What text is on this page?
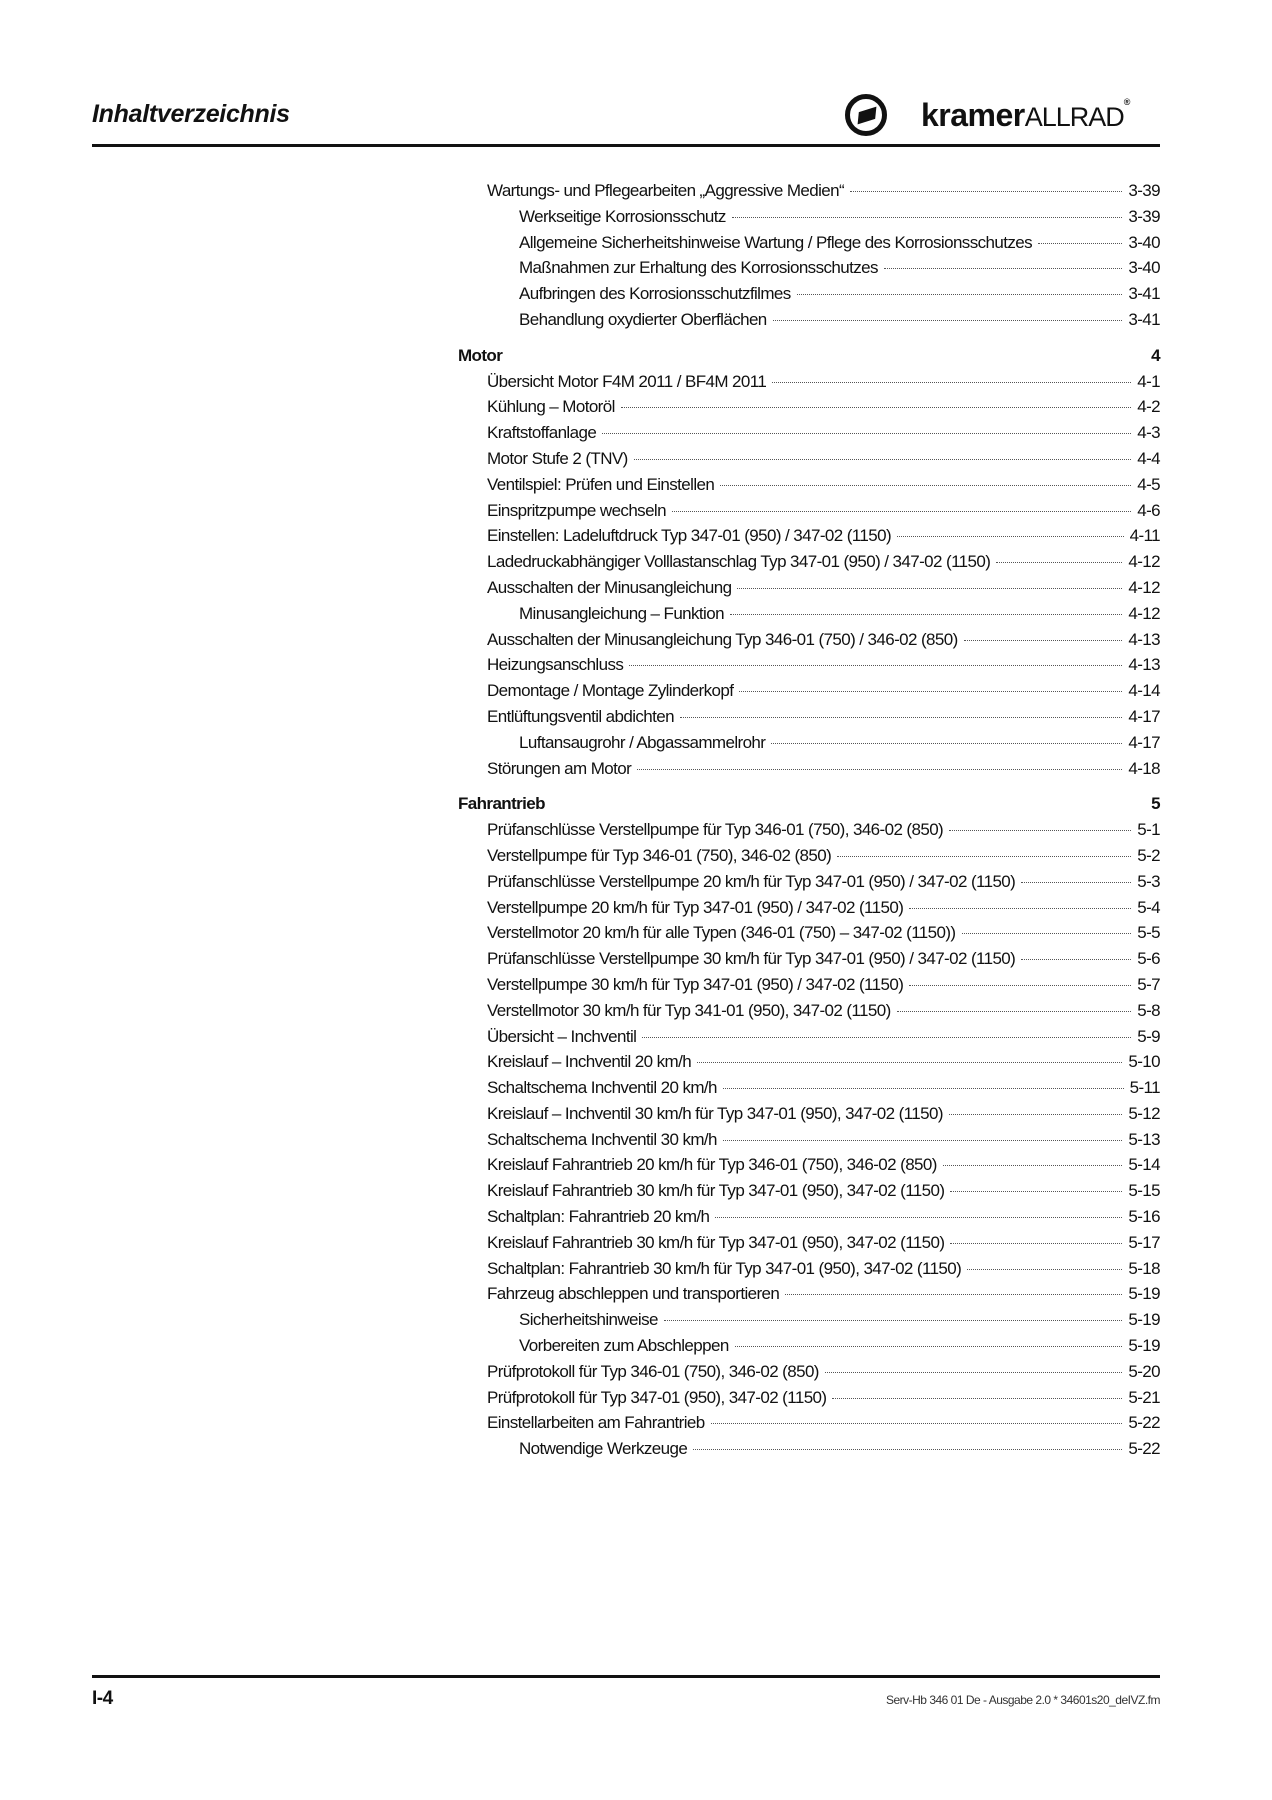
Inhaltverzeichnis	kramerALLRAD®
Wartungs- und Pflegearbeiten „Aggressive Medien“	3-39
Werkseitige Korrosionsschutz	3-39
Allgemeine Sicherheitshinweise Wartung / Pflege des Korrosionsschutzes	3-40
Maßnahmen zur Erhaltung des Korrosionsschutzes	3-40
Aufbringen des Korrosionsschutzfilmes	3-41
Behandlung oxydierter Oberflächen	3-41
Motor	4
Übersicht Motor F4M 2011 / BF4M 2011	4-1
Kühlung – Motoröl	4-2
Kraftstoffanlage	4-3
Motor Stufe 2 (TNV)	4-4
Ventilspiel: Prüfen und Einstellen	4-5
Einspritzpumpe wechseln	4-6
Einstellen: Ladeluftdruck Typ 347-01 (950) / 347-02 (1150)	4-11
Ladedruckabhängiger Volllastanschlag Typ 347-01 (950) / 347-02 (1150)	4-12
Ausschalten der Minusangleichung	4-12
Minusangleichung – Funktion	4-12
Ausschalten der Minusangleichung Typ 346-01 (750) / 346-02 (850)	4-13
Heizungsanschluss	4-13
Demontage / Montage Zylinderkopf	4-14
Entlüftungsventil abdichten	4-17
Luftansaugrohr / Abgassammelrohr	4-17
Störungen am Motor	4-18
Fahrantrieb	5
Prüfanschlüsse Verstellpumpe für Typ 346-01 (750), 346-02 (850)	5-1
Verstellpumpe für Typ 346-01 (750), 346-02 (850)	5-2
Prüfanschlüsse Verstellpumpe 20 km/h für Typ 347-01 (950) / 347-02 (1150)	5-3
Verstellpumpe 20 km/h für Typ 347-01 (950) / 347-02 (1150)	5-4
Verstellmotor 20 km/h für alle Typen (346-01 (750) – 347-02 (1150))	5-5
Prüfanschlüsse Verstellpumpe 30 km/h für Typ 347-01 (950) / 347-02 (1150)	5-6
Verstellpumpe 30 km/h für Typ 347-01 (950) / 347-02 (1150)	5-7
Verstellmotor 30 km/h für Typ 341-01 (950), 347-02 (1150)	5-8
Übersicht – Inchventil	5-9
Kreislauf – Inchventil 20 km/h	5-10
Schaltschema Inchventil 20 km/h	5-11
Kreislauf – Inchventil 30 km/h für Typ 347-01 (950), 347-02 (1150)	5-12
Schaltschema Inchventil 30 km/h	5-13
Kreislauf Fahrantrieb 20 km/h für Typ 346-01 (750), 346-02 (850)	5-14
Kreislauf Fahrantrieb 30 km/h für Typ 347-01 (950), 347-02 (1150)	5-15
Schaltplan: Fahrantrieb 20 km/h	5-16
Kreislauf Fahrantrieb 30 km/h für Typ 347-01 (950), 347-02 (1150)	5-17
Schaltplan: Fahrantrieb 30 km/h für Typ 347-01 (950), 347-02 (1150)	5-18
Fahrzeug abschleppen und transportieren	5-19
Sicherheitshinweise	5-19
Vorbereiten zum Abschleppen	5-19
Prüfprotokoll für Typ 346-01 (750), 346-02 (850)	5-20
Prüfprotokoll für Typ 347-01 (950), 347-02 (1150)	5-21
Einstellarbeiten am Fahrantrieb	5-22
Notwendige Werkzeuge	5-22
I-4	Serv-Hb 346 01 De - Ausgabe 2.0 * 34601s20_deIVZ.fm
